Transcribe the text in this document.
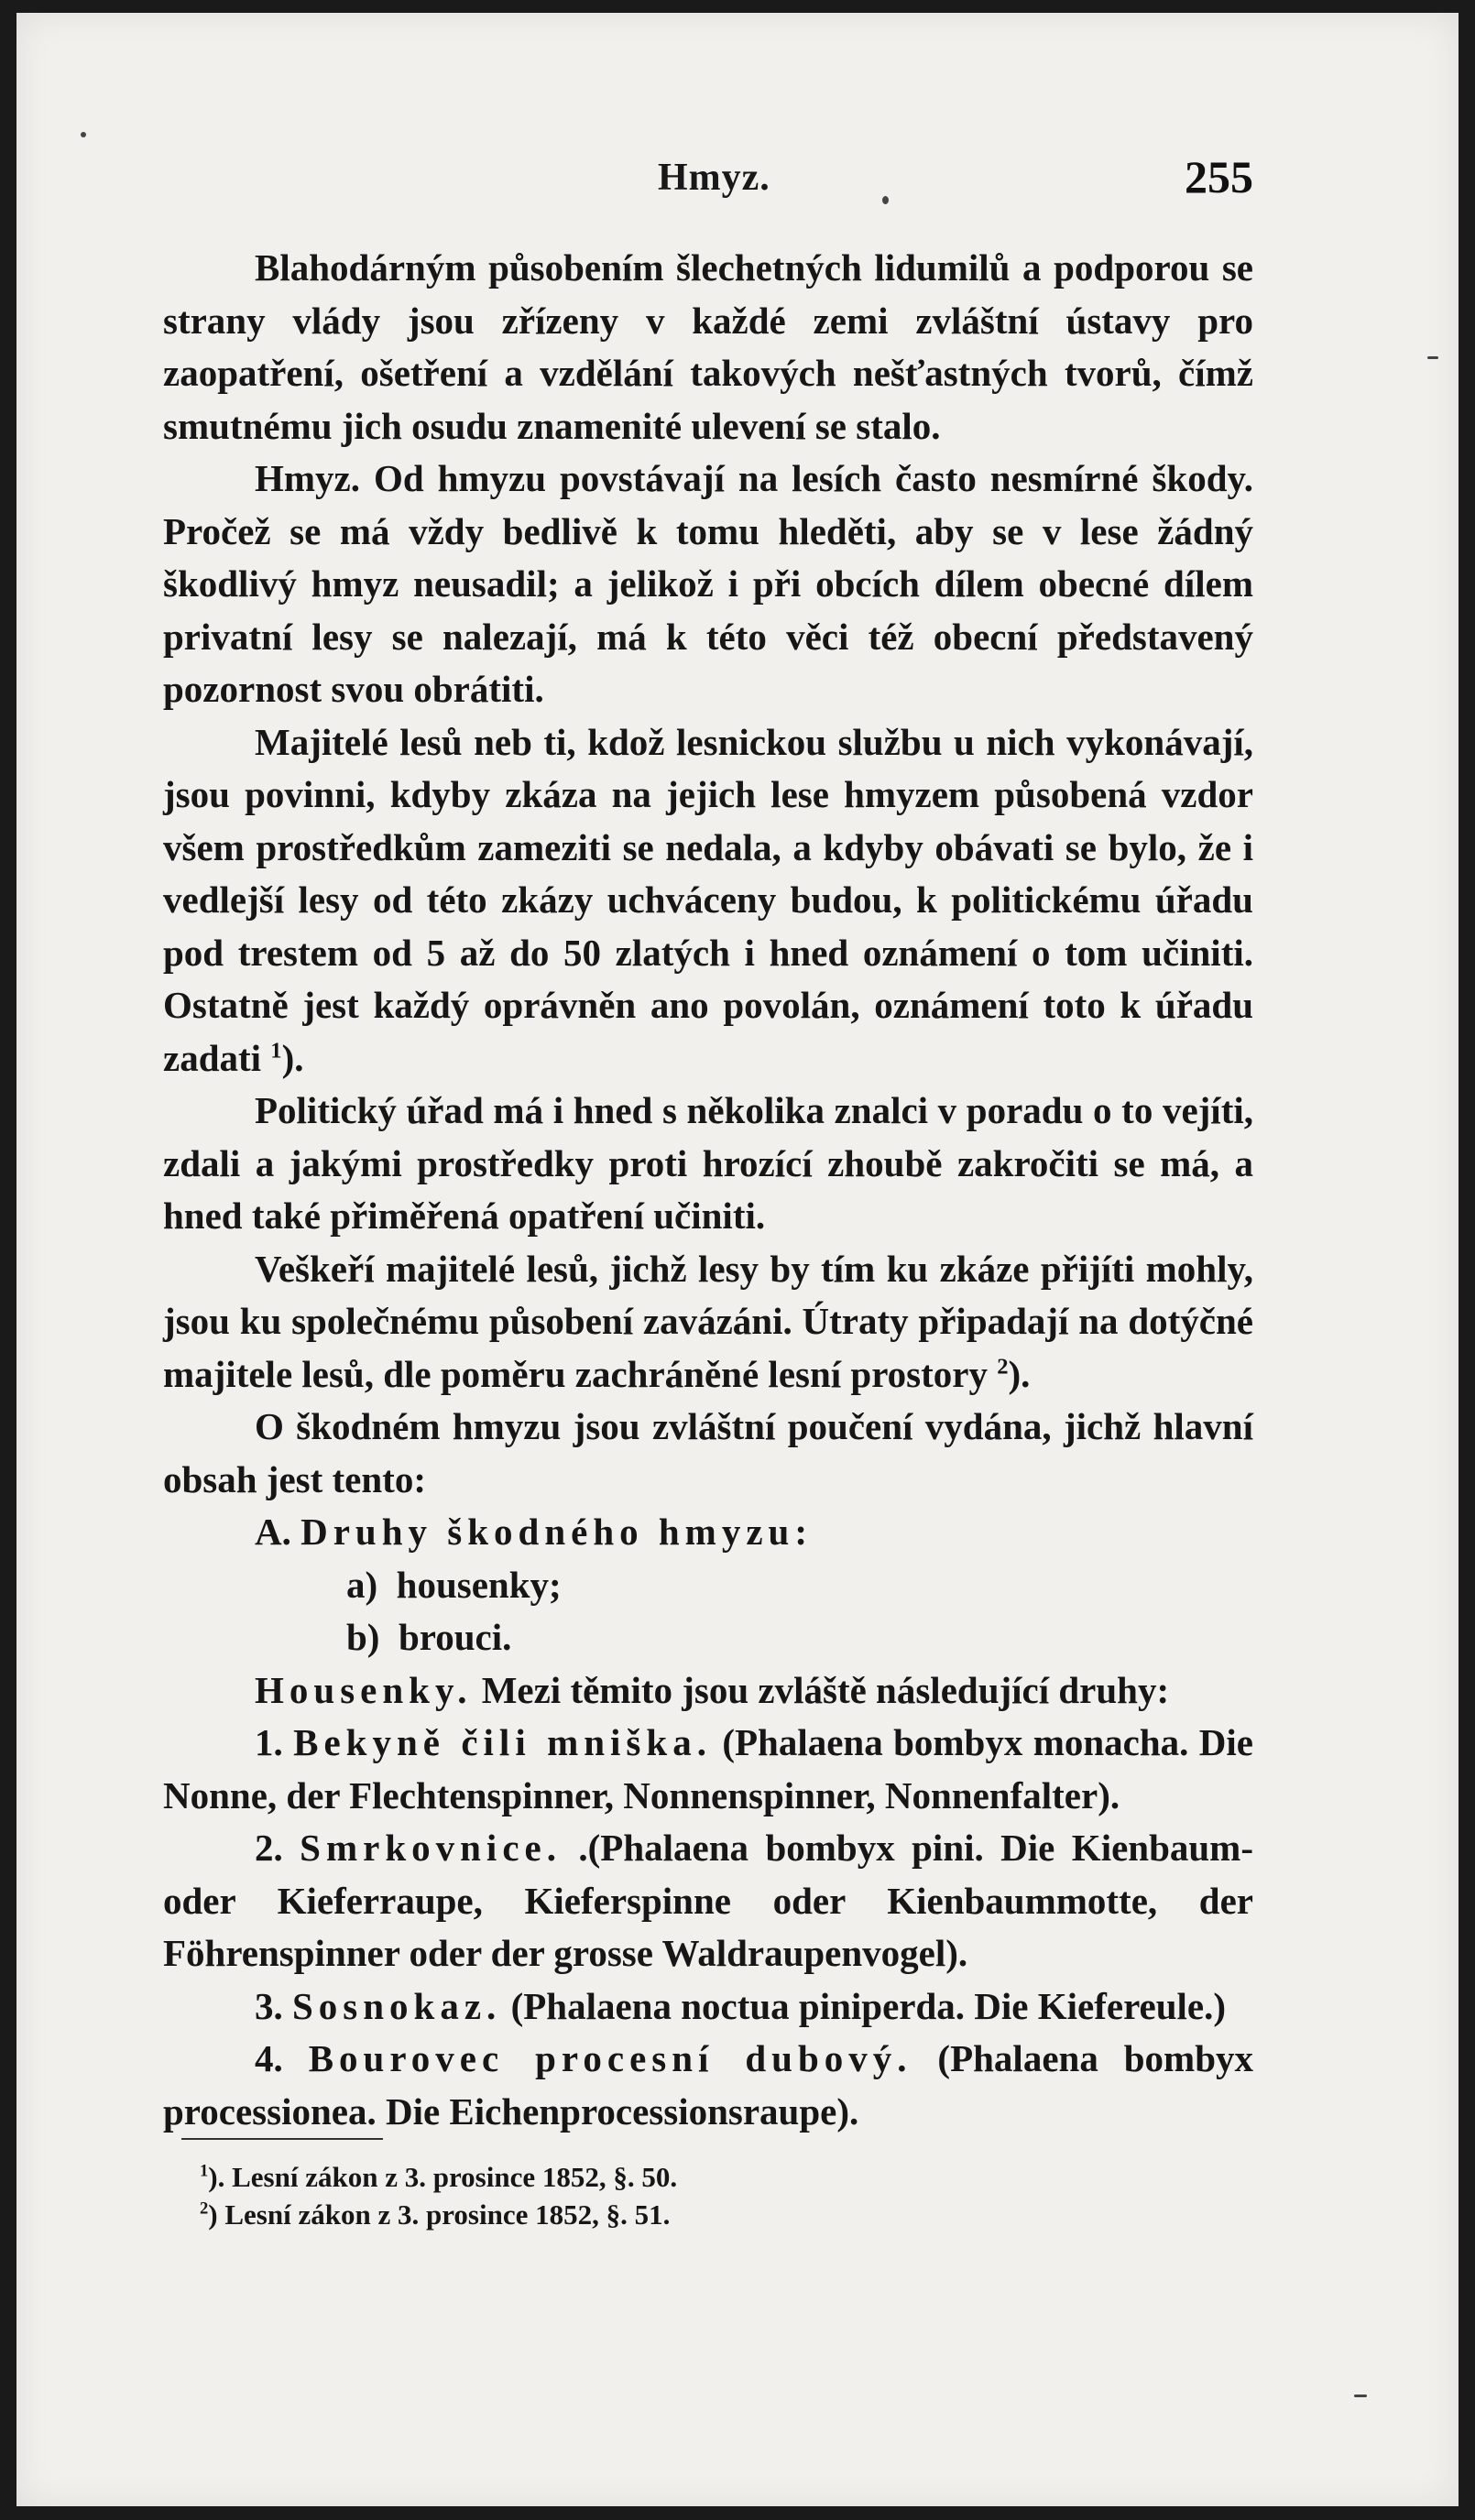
Hmyz.	255

Blahodárným působením šlechetných lidumilů a podporou se strany vlády jsou zřízeny v každé zemi zvláštní ústavy pro zaopatření, ošetření a vzdělání takových nešťastných tvorů, čímž smutnému jich osudu znamenité ulevení se stalo.

Hmyz. Od hmyzu povstávají na lesích často nesmírné škody. Pročež se má vždy bedlivě k tomu hleděti, aby se v lese žádný škodlivý hmyz neusadil; a jelikož i při obcích dílem obecné dílem privatní lesy se nalezají, má k této věci též obecní představený pozornost svou obrátiti.

Majitelé lesů neb ti, kdož lesnickou službu u nich vykonávají, jsou povinni, kdyby zkáza na jejich lese hmyzem působená vzdor všem prostředkům zameziti se nedala, a kdyby obávati se bylo, že i vedlejší lesy od této zkázy uchváceny budou, k politickému úřadu pod trestem od 5 až do 50 zlatých i hned oznámení o tom učiniti. Ostatně jest každý oprávněn ano povolán, oznámení toto k úřadu zadati $^1$).

Politický úřad má i hned s několika znalci v poradu o to vejíti, zdali a jakými prostředky proti hrozící zhoubě zakročiti se má, a hned také přiměřená opatření učiniti.

Veškeří majitelé lesů, jichž lesy by tím ku zkáze přijíti mohly, jsou ku společnému působení zavázáni. Útraty připadají na dotýčné majitele lesů, dle poměru zachráněné lesní prostory $^2$).

O škodném hmyzu jsou zvláštní poučení vydána, jichž hlavní obsah jest tento:

A. Druhy škodného hmyzu:

a) housenky;

b) brouci.

Housenky. Mezi těmito jsou zvláště následující druhy:

1. Bekyně čili mniška. (Phalaena bombyx monacha. Die Nonne, der Flechtenspinner, Nonnenspinner, Nonnenfalter).

2. Smrkovnice. .(Phalaena bombyx pini. Die Kienbaum- oder Kieferraupe, Kieferspinne oder Kienbaummotte, der Föhrenspinner oder der grosse Waldraupenvogel).

3. Sosnokaz. (Phalaena noctua piniperda. Die Kiefereule.)

4. Bourovec procesní dubový. (Phalaena bombyx processionea. Die Eichenprocessionsraupe).

$^1$). Lesní zákon z 3. prosince 1852, §. 50.

$^2$) Lesní zákon z 3. prosince 1852, §. 51.
